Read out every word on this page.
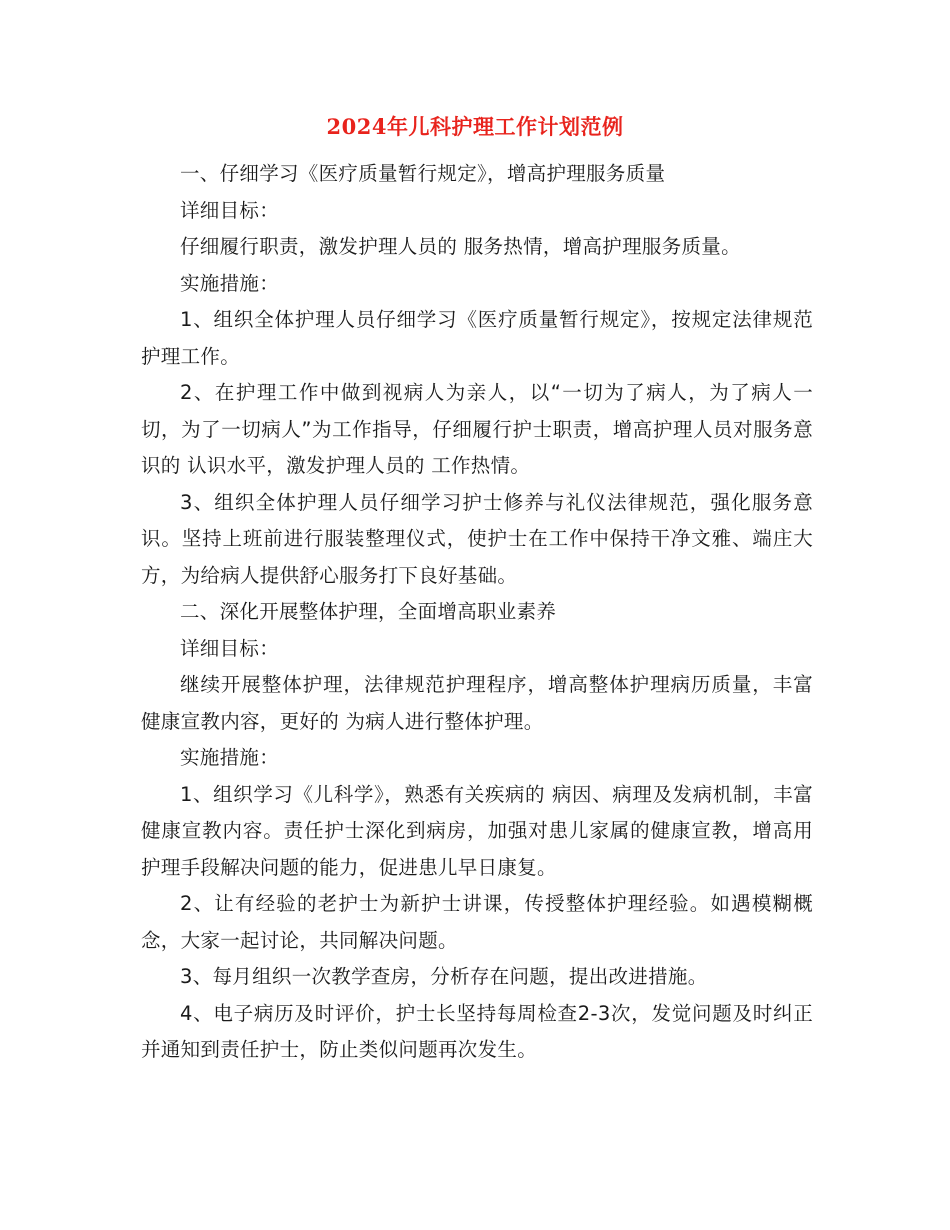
2024年儿科护理工作计划范例

一、仔细学习《医疗质量暂行规定》，增高护理服务质量

详细目标：

仔细履行职责，激发护理人员的 服务热情，增高护理服务质量。

实施措施：

1、组织全体护理人员仔细学习《医疗质量暂行规定》，按规定法律规范护理工作。

2、在护理工作中做到视病人为亲人，以“一切为了病人，为了病人一切，为了一切病人”为工作指导，仔细履行护士职责，增高护理人员对服务意识的 认识水平，激发护理人员的 工作热情。

3、组织全体护理人员仔细学习护士修养与礼仪法律规范，强化服务意识。坚持上班前进行服装整理仪式，使护士在工作中保持干净文雅、端庄大方，为给病人提供舒心服务打下良好基础。

二、深化开展整体护理，全面增高职业素养

详细目标：

继续开展整体护理，法律规范护理程序，增高整体护理病历质量，丰富健康宣教内容，更好的 为病人进行整体护理。

实施措施：

1、组织学习《儿科学》，熟悉有关疾病的 病因、病理及发病机制，丰富健康宣教内容。责任护士深化到病房，加强对患儿家属的健康宣教，增高用护理手段解决问题的能力，促进患儿早日康复。

2、让有经验的老护士为新护士讲课，传授整体护理经验。如遇模糊概念，大家一起讨论，共同解决问题。

3、每月组织一次教学查房，分析存在问题，提出改进措施。

4、电子病历及时评价，护士长坚持每周检查2-3次，发觉问题及时纠正并通知到责任护士，防止类似问题再次发生。
